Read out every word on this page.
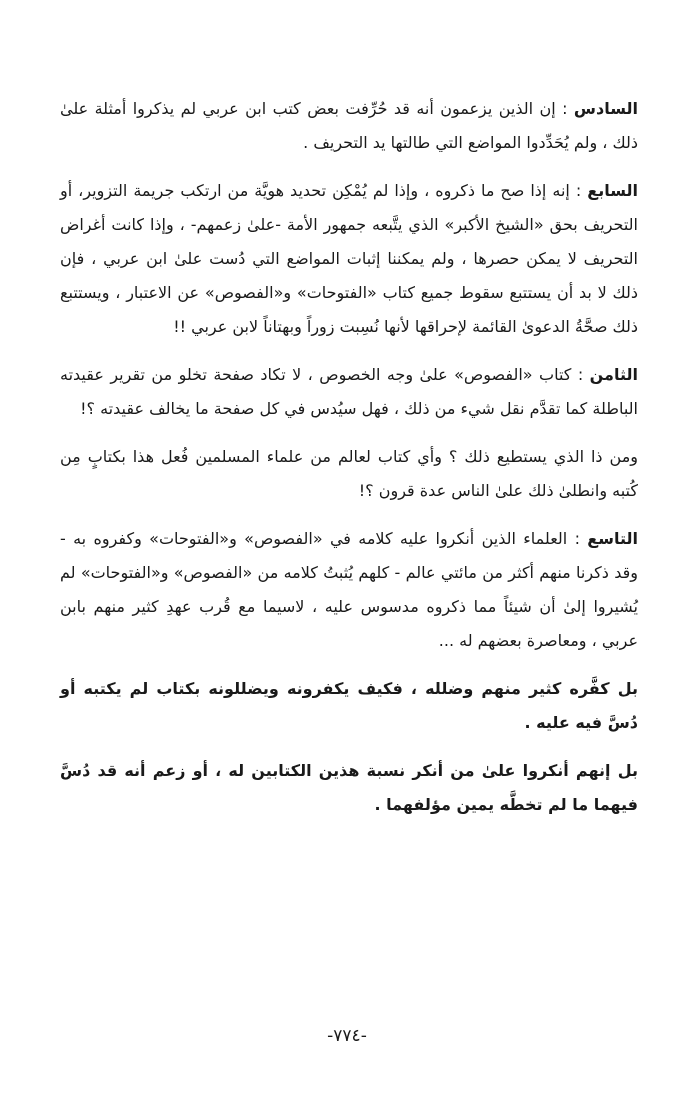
السادس : إن الذين يزعمون أنه قد حُرِّفت بعض كتب ابن عربي لم يذكروا أمثلة علىٰ ذلك ، ولم يُحَدِّدوا المواضع التي طالتها يد التحريف .

السابع : إنه إذا صح ما ذكروه ، وإذا لم يُمْكِن تحديد هويَّة من ارتكب جريمة التزوير، أو التحريف بحق «الشيخ الأكبر» الذي يتَّبعه جمهور الأمة -علىٰ زعمهم- ، وإذا كانت أغراض التحريف لا يمكن حصرها ، ولم يمكننا إثبات المواضع التي دُست علىٰ ابن عربي ، فإن ذلك لا بد أن يستتبع سقوط جميع كتاب «الفتوحات» و«الفصوص» عن الاعتبار ، ويستتبع ذلك صحَّةُ الدعوىٰ القائمة لإحراقها لأنها نُسِبت زوراً وبهتاناً لابن عربي !!

الثامن : كتاب «الفصوص» علىٰ وجه الخصوص ، لا تكاد صفحة تخلو من تقرير عقيدته الباطلة كما تقدَّم نقل شيء من ذلك ، فهل سيُدس في كل صفحة ما يخالف عقيدته ؟!

ومن ذا الذي يستطيع ذلك ؟ وأي كتاب لعالم من علماء المسلمين فُعل هذا بكتابٍ مِن كُتبه وانطلىٰ ذلك علىٰ الناس عدة قرون ؟!

التاسع : العلماء الذين أنكروا عليه كلامه في «الفصوص» و«الفتوحات» وكفروه به - وقد ذكرنا منهم أكثر من مائتي عالم - كلهم يُثبتُ كلامه من «الفصوص» و«الفتوحات» لم يُشيروا إلىٰ أن شيئاً مما ذكروه مدسوس عليه ، لاسيما مع قُرب عهدِ كثير منهم بابن عربي ، ومعاصرة بعضهم له ...

بل كفَّره كثير منهم وضلله ، فكيف يكفرونه ويضللونه بكتاب لم يكتبه أو دُسَّ فيه عليه .

بل إنهم أنكروا علىٰ من أنكر نسبة هذين الكتابين له ، أو زعم أنه قد دُسَّ فيهما ما لم تخطَّه يمين مؤلفهما .

-٧٧٤-
